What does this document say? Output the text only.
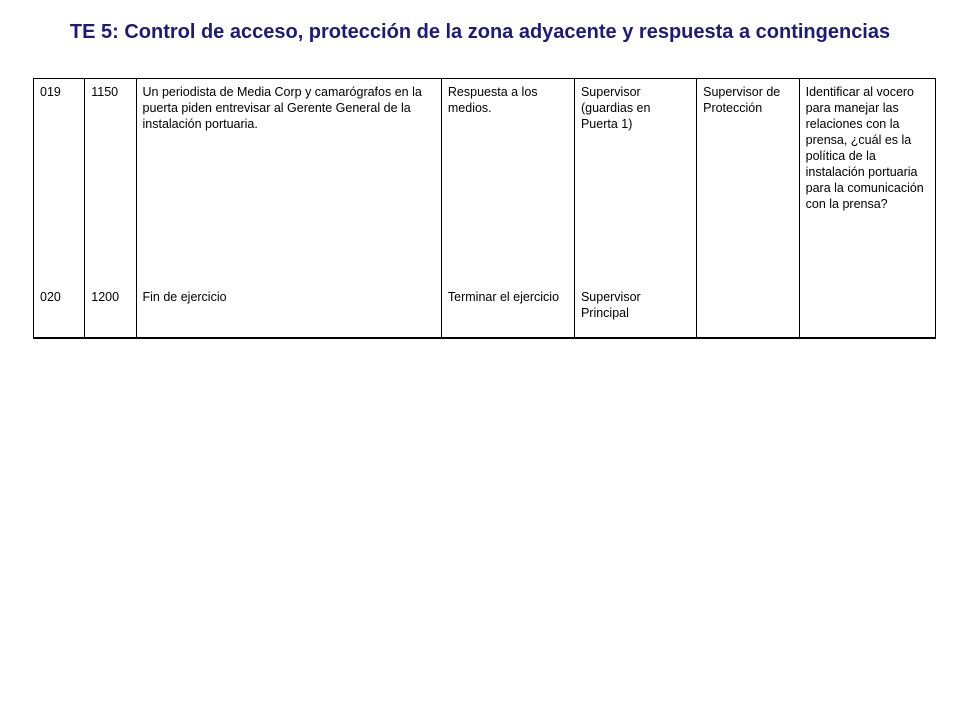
TE 5: Control de acceso, protección de la zona adyacente y respuesta a contingencias
019	1150	Un periodista de Media Corp y camarógrafos en la puerta piden entrevisar al Gerente General de la instalación portuaria.	Respuesta a los medios.	Supervisor (guardias en Puerta 1)	Supervisor de Protección	Identificar al vocero para manejar las relaciones con la prensa, ¿cuál es la política de la instalación portuaria para la comunicación con la prensa?
020	1200	Fin de ejercicio	Terminar el ejercicio	Supervisor Principal		
